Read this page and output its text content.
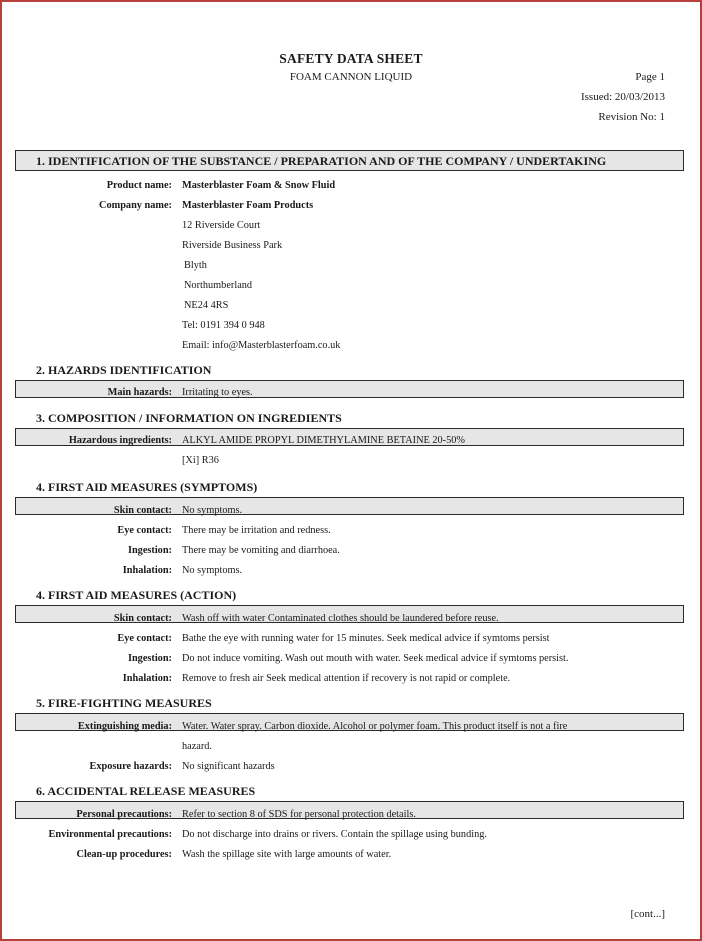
SAFETY DATA SHEET
FOAM CANNON LIQUID	Page 1
Issued: 20/03/2013
Revision No: 1
1. IDENTIFICATION OF THE SUBSTANCE / PREPARATION AND OF THE COMPANY / UNDERTAKING
Product name: Masterblaster Foam & Snow Fluid
Company name: Masterblaster Foam Products
12 Riverside Court
Riverside Business Park
Blyth
Northumberland
NE24 4RS
Tel: 0191 394 0 948
Email: info@Masterblasterfoam.co.uk
2. HAZARDS IDENTIFICATION
Main hazards: Irritating to eyes.
3. COMPOSITION / INFORMATION ON INGREDIENTS
Hazardous ingredients: ALKYL AMIDE PROPYL DIMETHYLAMINE BETAINE 20-50%
[Xi] R36
4. FIRST AID MEASURES (SYMPTOMS)
Skin contact: No symptoms.
Eye contact: There may be irritation and redness.
Ingestion: There may be vomiting and diarrhoea.
Inhalation: No symptoms.
4. FIRST AID MEASURES (ACTION)
Skin contact: Wash off with water Contaminated clothes should be laundered before reuse.
Eye contact: Bathe the eye with running water for 15 minutes. Seek medical advice if symtoms persist
Ingestion: Do not induce vomiting. Wash out mouth with water. Seek medical advice if symtoms persist.
Inhalation: Remove to fresh air Seek medical attention if recovery is not rapid or complete.
5. FIRE-FIGHTING MEASURES
Extinguishing media: Water. Water spray. Carbon dioxide. Alcohol or polymer foam. This product itself is not a fire
hazard.
Exposure hazards: No significant hazards
6. ACCIDENTAL RELEASE MEASURES
Personal precautions: Refer to section 8 of SDS for personal protection details.
Environmental precautions: Do not discharge into drains or rivers. Contain the spillage using bunding.
Clean-up procedures: Wash the spillage site with large amounts of water.
[cont...]
